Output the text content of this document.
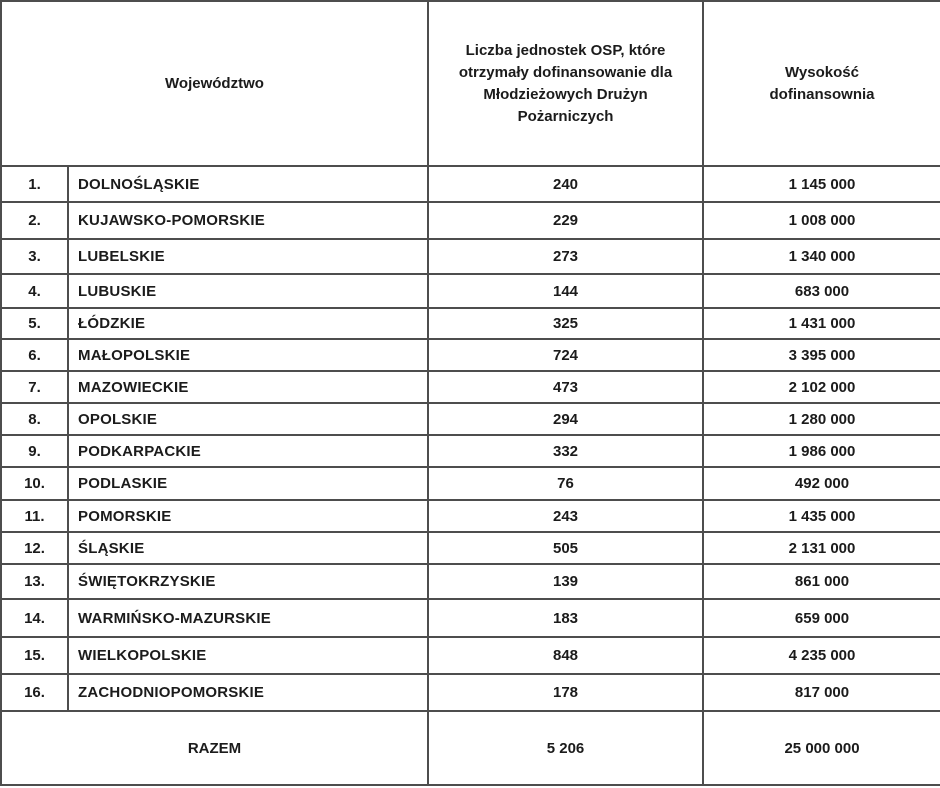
Województwo		Liczba jednostek OSP, które otrzymały dofinansowanie dla Młodzieżowych Drużyn Pożarniczych	Wysokość dofinansownia

1.	DOLNOŚLĄSKIE	240	1 145 000
2.	KUJAWSKO-POMORSKIE	229	1 008 000
3.	LUBELSKIE	273	1 340 000
4.	LUBUSKIE	144	683 000
5.	ŁÓDZKIE	325	1 431 000
6.	MAŁOPOLSKIE	724	3 395 000
7.	MAZOWIECKIE	473	2 102 000
8.	OPOLSKIE	294	1 280 000
9.	PODKARPACKIE	332	1 986 000
10.	PODLASKIE	76	492 000
11.	POMORSKIE	243	1 435 000
12.	ŚLĄSKIE	505	2 131 000
13.	ŚWIĘTOKRZYSKIE	139	861 000
14.	WARMIŃSKO-MAZURSKIE	183	659 000
15.	WIELKOPOLSKIE	848	4 235 000
16.	ZACHODNIOPOMORSKIE	178	817 000
RAZEM		5 206	25 000 000
